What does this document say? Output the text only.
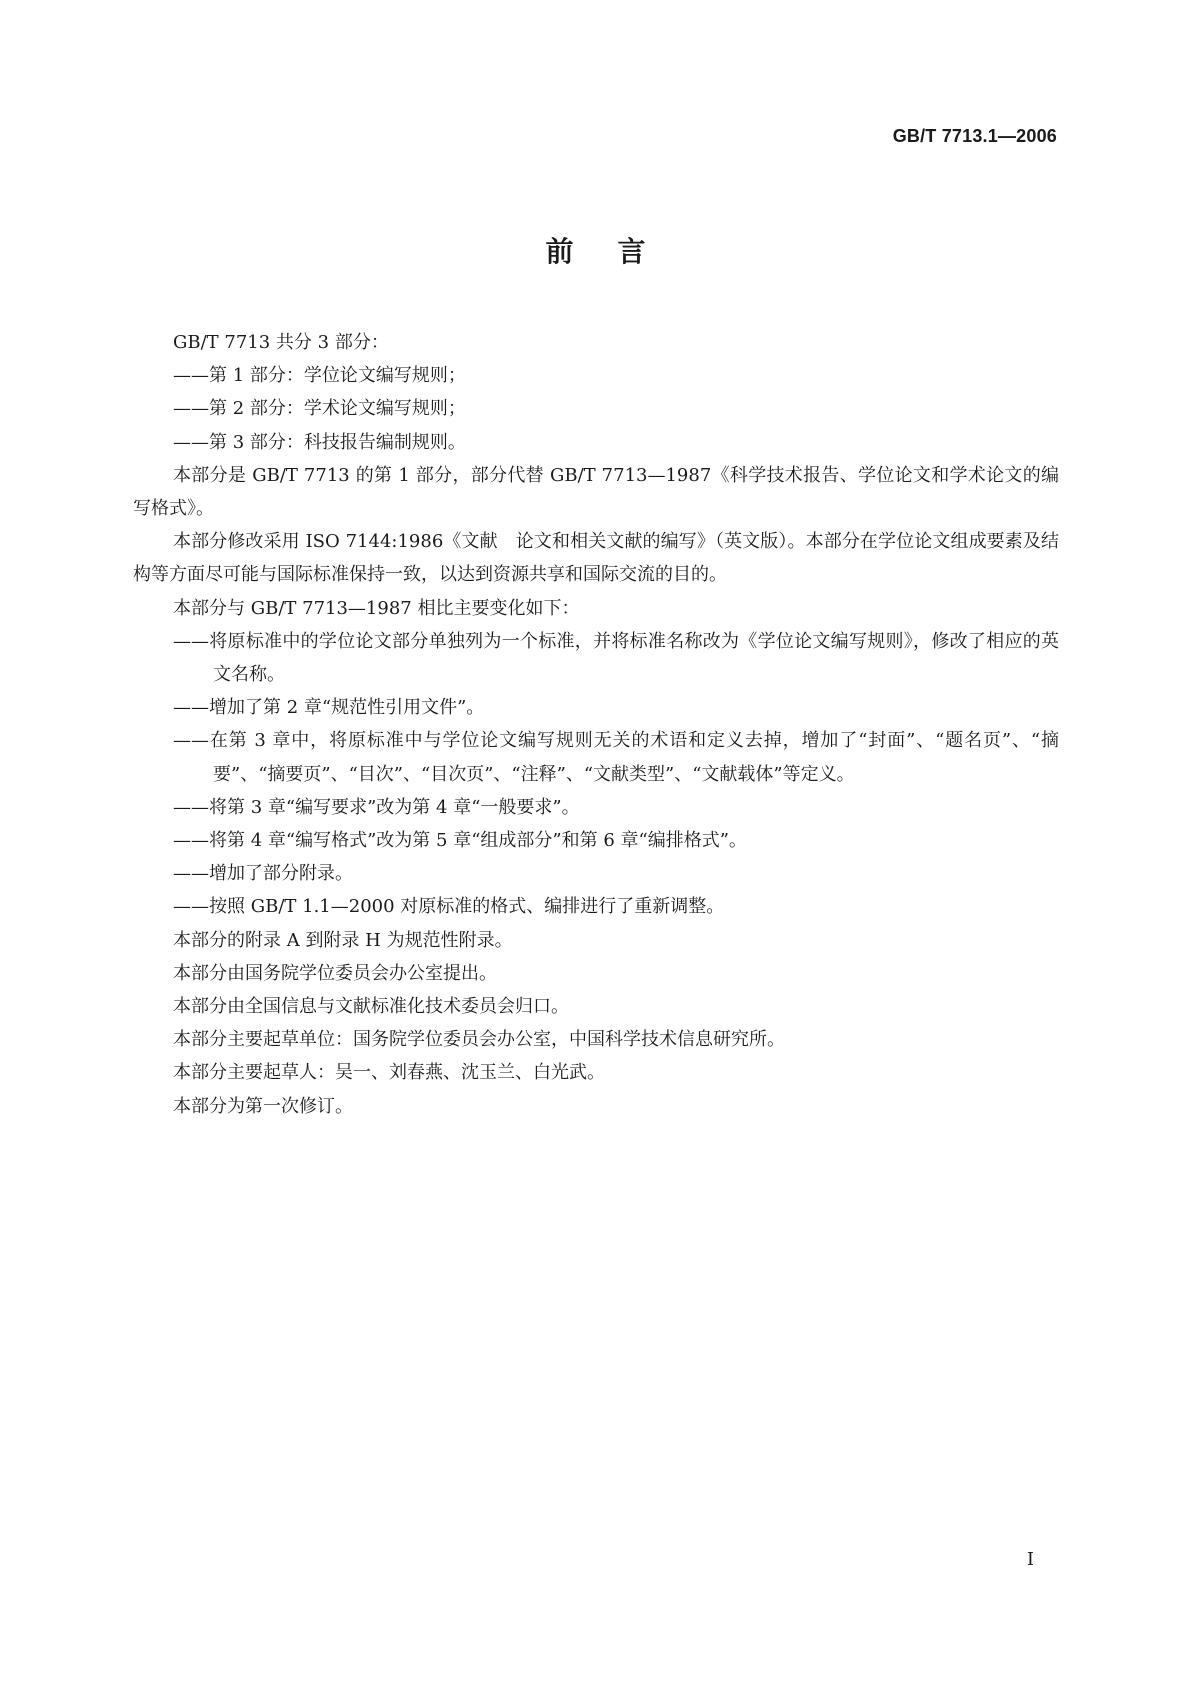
GB/T 7713.1—2006
前言

GB/T 7713 共分 3 部分：

——第 1 部分：学位论文编写规则；

——第 2 部分：学术论文编写规则；

——第 3 部分：科技报告编制规则。

本部分是 GB/T 7713 的第 1 部分，部分代替 GB/T 7713—1987《科学技术报告、学位论文和学术论文的编写格式》。

本部分修改采用 ISO 7144:1986《文献　论文和相关文献的编写》（英文版）。本部分在学位论文组成要素及结构等方面尽可能与国际标准保持一致，以达到资源共享和国际交流的目的。

本部分与 GB/T 7713—1987 相比主要变化如下：

——将原标准中的学位论文部分单独列为一个标准，并将标准名称改为《学位论文编写规则》，修改了相应的英文名称。

——增加了第 2 章“规范性引用文件”。

——在第 3 章中，将原标准中与学位论文编写规则无关的术语和定义去掉，增加了“封面”、“题名页”、“摘要”、“摘要页”、“目次”、“目次页”、“注释”、“文献类型”、“文献载体”等定义。

——将第 3 章“编写要求”改为第 4 章“一般要求”。

——将第 4 章“编写格式”改为第 5 章“组成部分”和第 6 章“编排格式”。

——增加了部分附录。

——按照 GB/T 1.1—2000 对原标准的格式、编排进行了重新调整。

本部分的附录 A 到附录 H 为规范性附录。

本部分由国务院学位委员会办公室提出。

本部分由全国信息与文献标准化技术委员会归口。

本部分主要起草单位：国务院学位委员会办公室，中国科学技术信息研究所。

本部分主要起草人：吴一、刘春燕、沈玉兰、白光武。

本部分为第一次修订。

I
